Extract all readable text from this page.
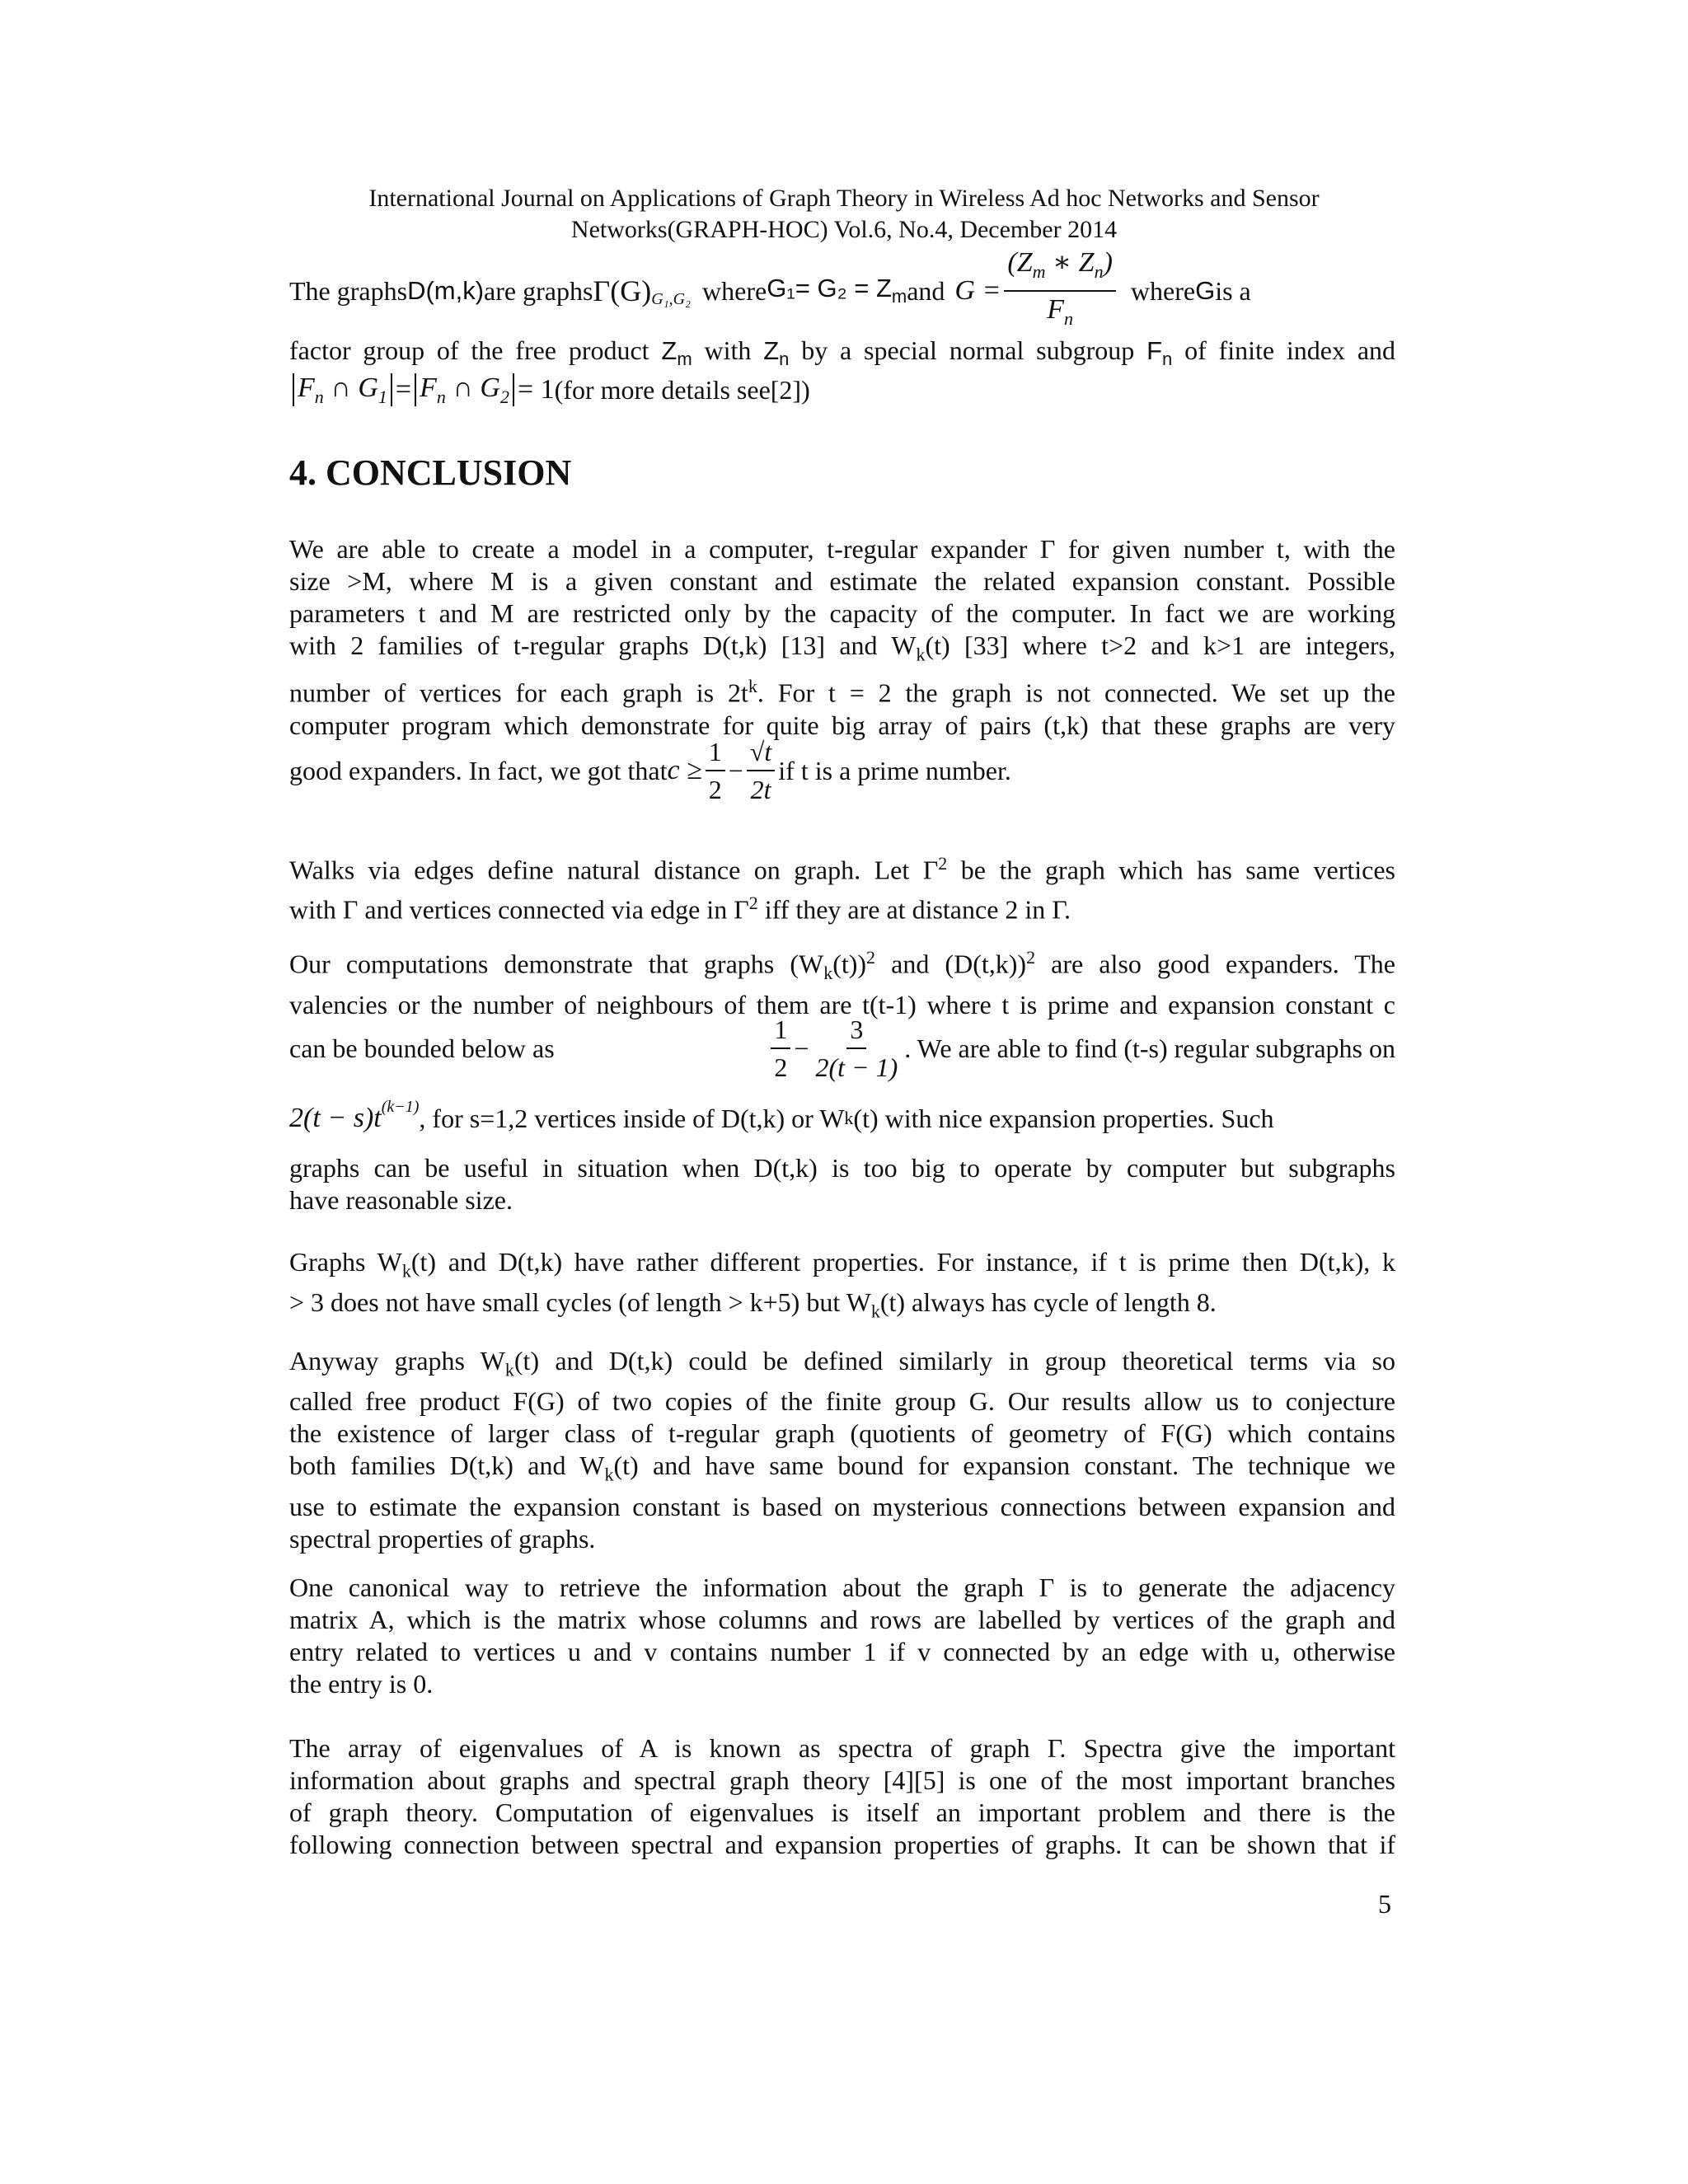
International Journal on Applications of Graph Theory in Wireless Ad hoc Networks and Sensor
Networks(GRAPH-HOC) Vol.6, No.4, December 2014
The graphs D(m,k) are graphs $\Gamma(G)_{G_1,G_2}$ where $G_1= G_2 = Z_m$ and $G = \frac{(Z_m ∗ Z_n)}{F_n}$ where G is a
factor group of the free product $Z_m$ with $Z_n$ by a special normal subgroup $F_n$ of finite index and
$F_n$ ∩ $G_1 = F_n$ ∩ $G_2 = 1$ (for more details see[2])
4. CONCLUSION
We are able to create a model in a computer, t-regular expander Γ for given number t, with the
size >M, where M is a given constant and estimate the related expansion constant. Possible
parameters t and M are restricted only by the capacity of the computer. In fact we are working
with 2 families of t-regular graphs D(t,k) [13] and $W_k(t)$ [33] where t>2 and k>1 are integers,
number of vertices for each graph is $2t^k$. For t = 2 the graph is not connected. We set up the
computer program which demonstrate for quite big array of pairs (t,k) that these graphs are very
good expanders. In fact, we got that $c \ge \frac{1}{2} - \frac{√t}{2t}$ if t is a prime number.
Walks via edges define natural distance on graph. Let $\Gamma^2$ be the graph which has same vertices
with Γ and vertices connected via edge in $\Gamma^2$ iff they are at distance 2 in Γ.
Our computations demonstrate that graphs $(W_k(t))^2$ and $(D(t,k))^2$ are also good expanders. The
valencies or the number of neighbours of them are t(t-1) where t is prime and expansion constant c
can be bounded below as	$\frac{1}{2} - \frac{3}{2(t - 1)}$ . We are able to find (t-s) regular subgraphs on
$2(t - s)t^{(k-1)}$ , for s=1,2 vertices inside of D(t,k) or W k (t) with nice expansion properties. Such
graphs can be useful in situation when D(t,k) is too big to operate by computer but subgraphs
have reasonable size.
Graphs $W_k(t)$ and D(t,k) have rather different properties. For instance, if t is prime then D(t,k), k
> 3 does not have small cycles (of length > k+5) but $W_k(t)$ always has cycle of length 8.
Anyway graphs $W_k(t)$ and D(t,k) could be defined similarly in group theoretical terms via so
called free product F(G) of two copies of the finite group G. Our results allow us to conjecture
the existence of larger class of t-regular graph (quotients of geometry of F(G) which contains
both families D(t,k) and $W_k(t)$ and have same bound for expansion constant. The technique we
use to estimate the expansion constant is based on mysterious connections between expansion and
spectral properties of graphs.
One canonical way to retrieve the information about the graph Γ is to generate the adjacency
matrix A, which is the matrix whose columns and rows are labelled by vertices of the graph and
entry related to vertices u and v contains number 1 if v connected by an edge with u, otherwise
the entry is 0.
The array of eigenvalues of A is known as spectra of graph Γ. Spectra give the important
information about graphs and spectral graph theory [4][5] is one of the most important branches
of graph theory. Computation of eigenvalues is itself an important problem and there is the
following connection between spectral and expansion properties of graphs. It can be shown that if
5
